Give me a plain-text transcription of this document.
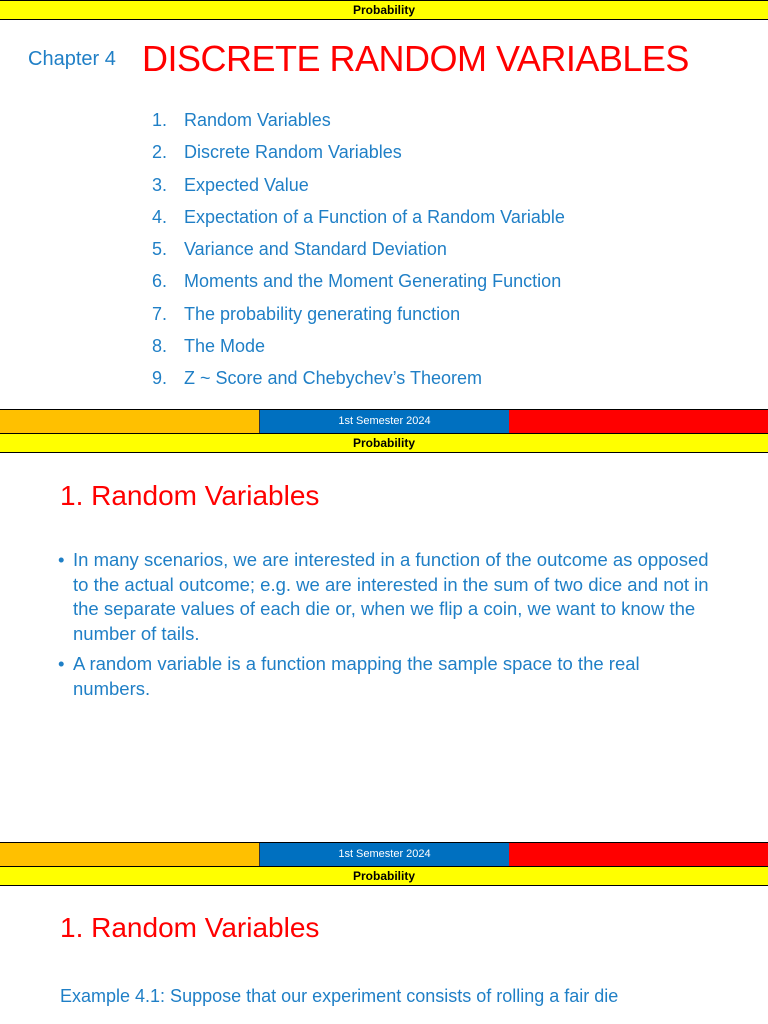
Probability
Chapter 4 DISCRETE RANDOM VARIABLES
1. Random Variables
2. Discrete Random Variables
3. Expected Value
4. Expectation of a Function of a Random Variable
5. Variance and Standard Deviation
6. Moments and the Moment Generating Function
7. The probability generating function
8. The Mode
9. Z ~ Score and Chebychev’s Theorem
1st Semester 2024
Probability
1. Random Variables
• In many scenarios, we are interested in a function of the outcome as opposed to the actual outcome; e.g. we are interested in the sum of two dice and not in the separate values of each die or, when we flip a coin, we want to know the number of tails.
• A random variable is a function mapping the sample space to the real numbers.
1st Semester 2024
Probability
1. Random Variables
Example 4.1: Suppose that our experiment consists of rolling a fair die
